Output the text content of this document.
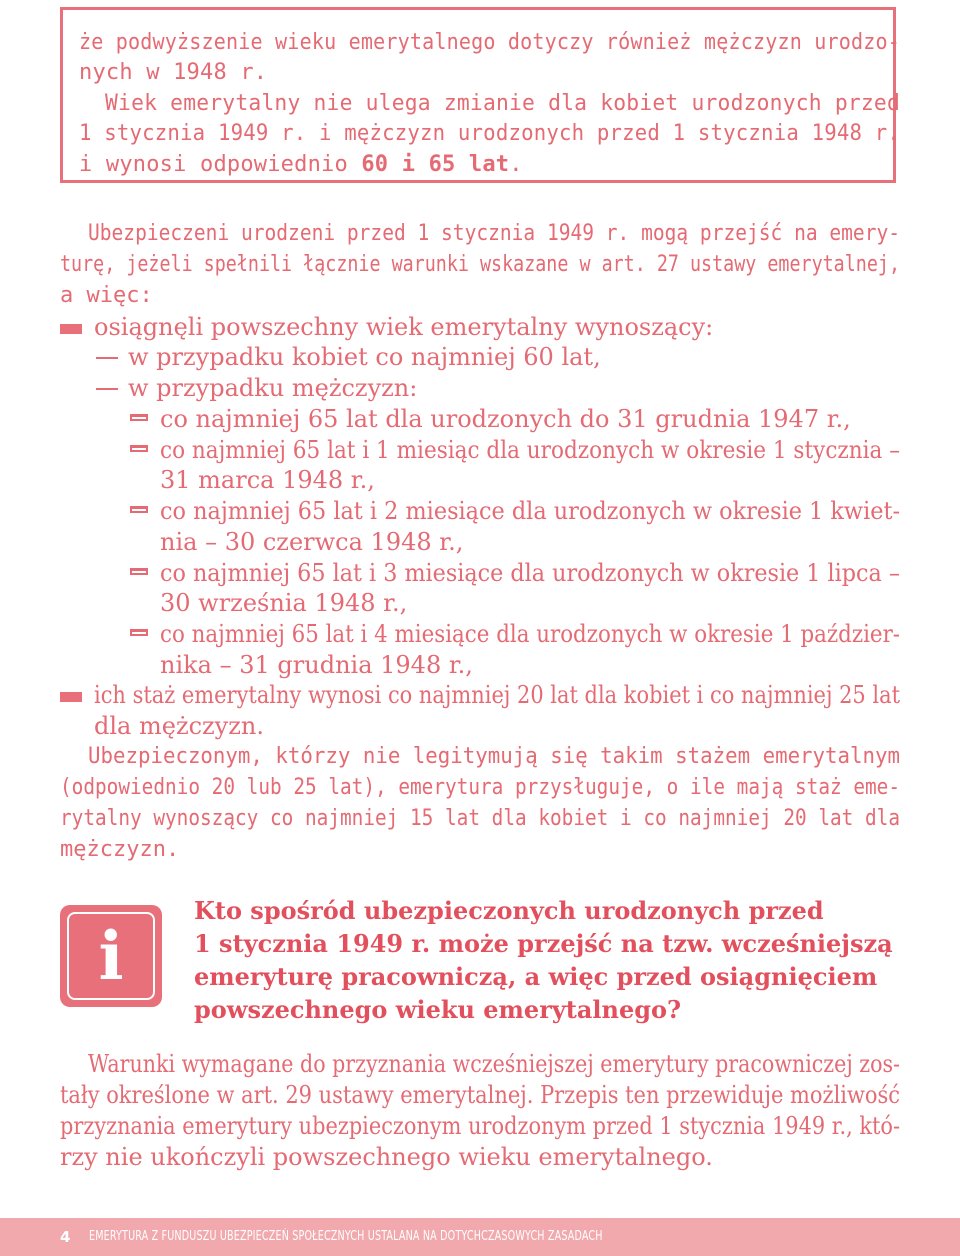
że podwyższenie wieku emerytalnego dotyczy również mężczyzn urodzo-
nych w 1948 r.
Wiek emerytalny nie ulega zmianie dla kobiet urodzonych przed
1 stycznia 1949 r. i mężczyzn urodzonych przed 1 stycznia 1948 r.
i wynosi odpowiednio 60 i 65 lat.
Ubezpieczeni urodzeni przed 1 stycznia 1949 r. mogą przejść na emery-
turę, jeżeli spełnili łącznie warunki wskazane w art. 27 ustawy emerytalnej,
a więc:
osiągnęli powszechny wiek emerytalny wynoszący:
w przypadku kobiet co najmniej 60 lat,
w przypadku mężczyzn:
co najmniej 65 lat dla urodzonych do 31 grudnia 1947 r.,
co najmniej 65 lat i 1 miesiąc dla urodzonych w okresie 1 stycznia –
31 marca 1948 r.,
co najmniej 65 lat i 2 miesiące dla urodzonych w okresie 1 kwiet-
nia – 30 czerwca 1948 r.,
co najmniej 65 lat i 3 miesiące dla urodzonych w okresie 1 lipca –
30 września 1948 r.,
co najmniej 65 lat i 4 miesiące dla urodzonych w okresie 1 paździer-
nika – 31 grudnia 1948 r.,
ich staż emerytalny wynosi co najmniej 20 lat dla kobiet i co najmniej 25 lat
dla mężczyzn.
Ubezpieczonym, którzy nie legitymują się takim stażem emerytalnym
(odpowiednio 20 lub 25 lat), emerytura przysługuje, o ile mają staż eme-
rytalny wynoszący co najmniej 15 lat dla kobiet i co najmniej 20 lat dla
mężczyzn.
i
Kto spośród ubezpieczonych urodzonych przed
1 stycznia 1949 r. może przejść na tzw. wcześniejszą
emeryturę pracowniczą, a więc przed osiągnięciem
powszechnego wieku emerytalnego?
Warunki wymagane do przyznania wcześniejszej emerytury pracowniczej zos-
tały określone w art. 29 ustawy emerytalnej. Przepis ten przewiduje możliwość
przyznania emerytury ubezpieczonym urodzonym przed 1 stycznia 1949 r., któ-
rzy nie ukończyli powszechnego wieku emerytalnego.
4 EMERYTURA Z FUNDUSZU UBEZPIECZEŃ SPOŁECZNYCH USTALANA NA DOTYCHCZASOWYCH ZASADACH
